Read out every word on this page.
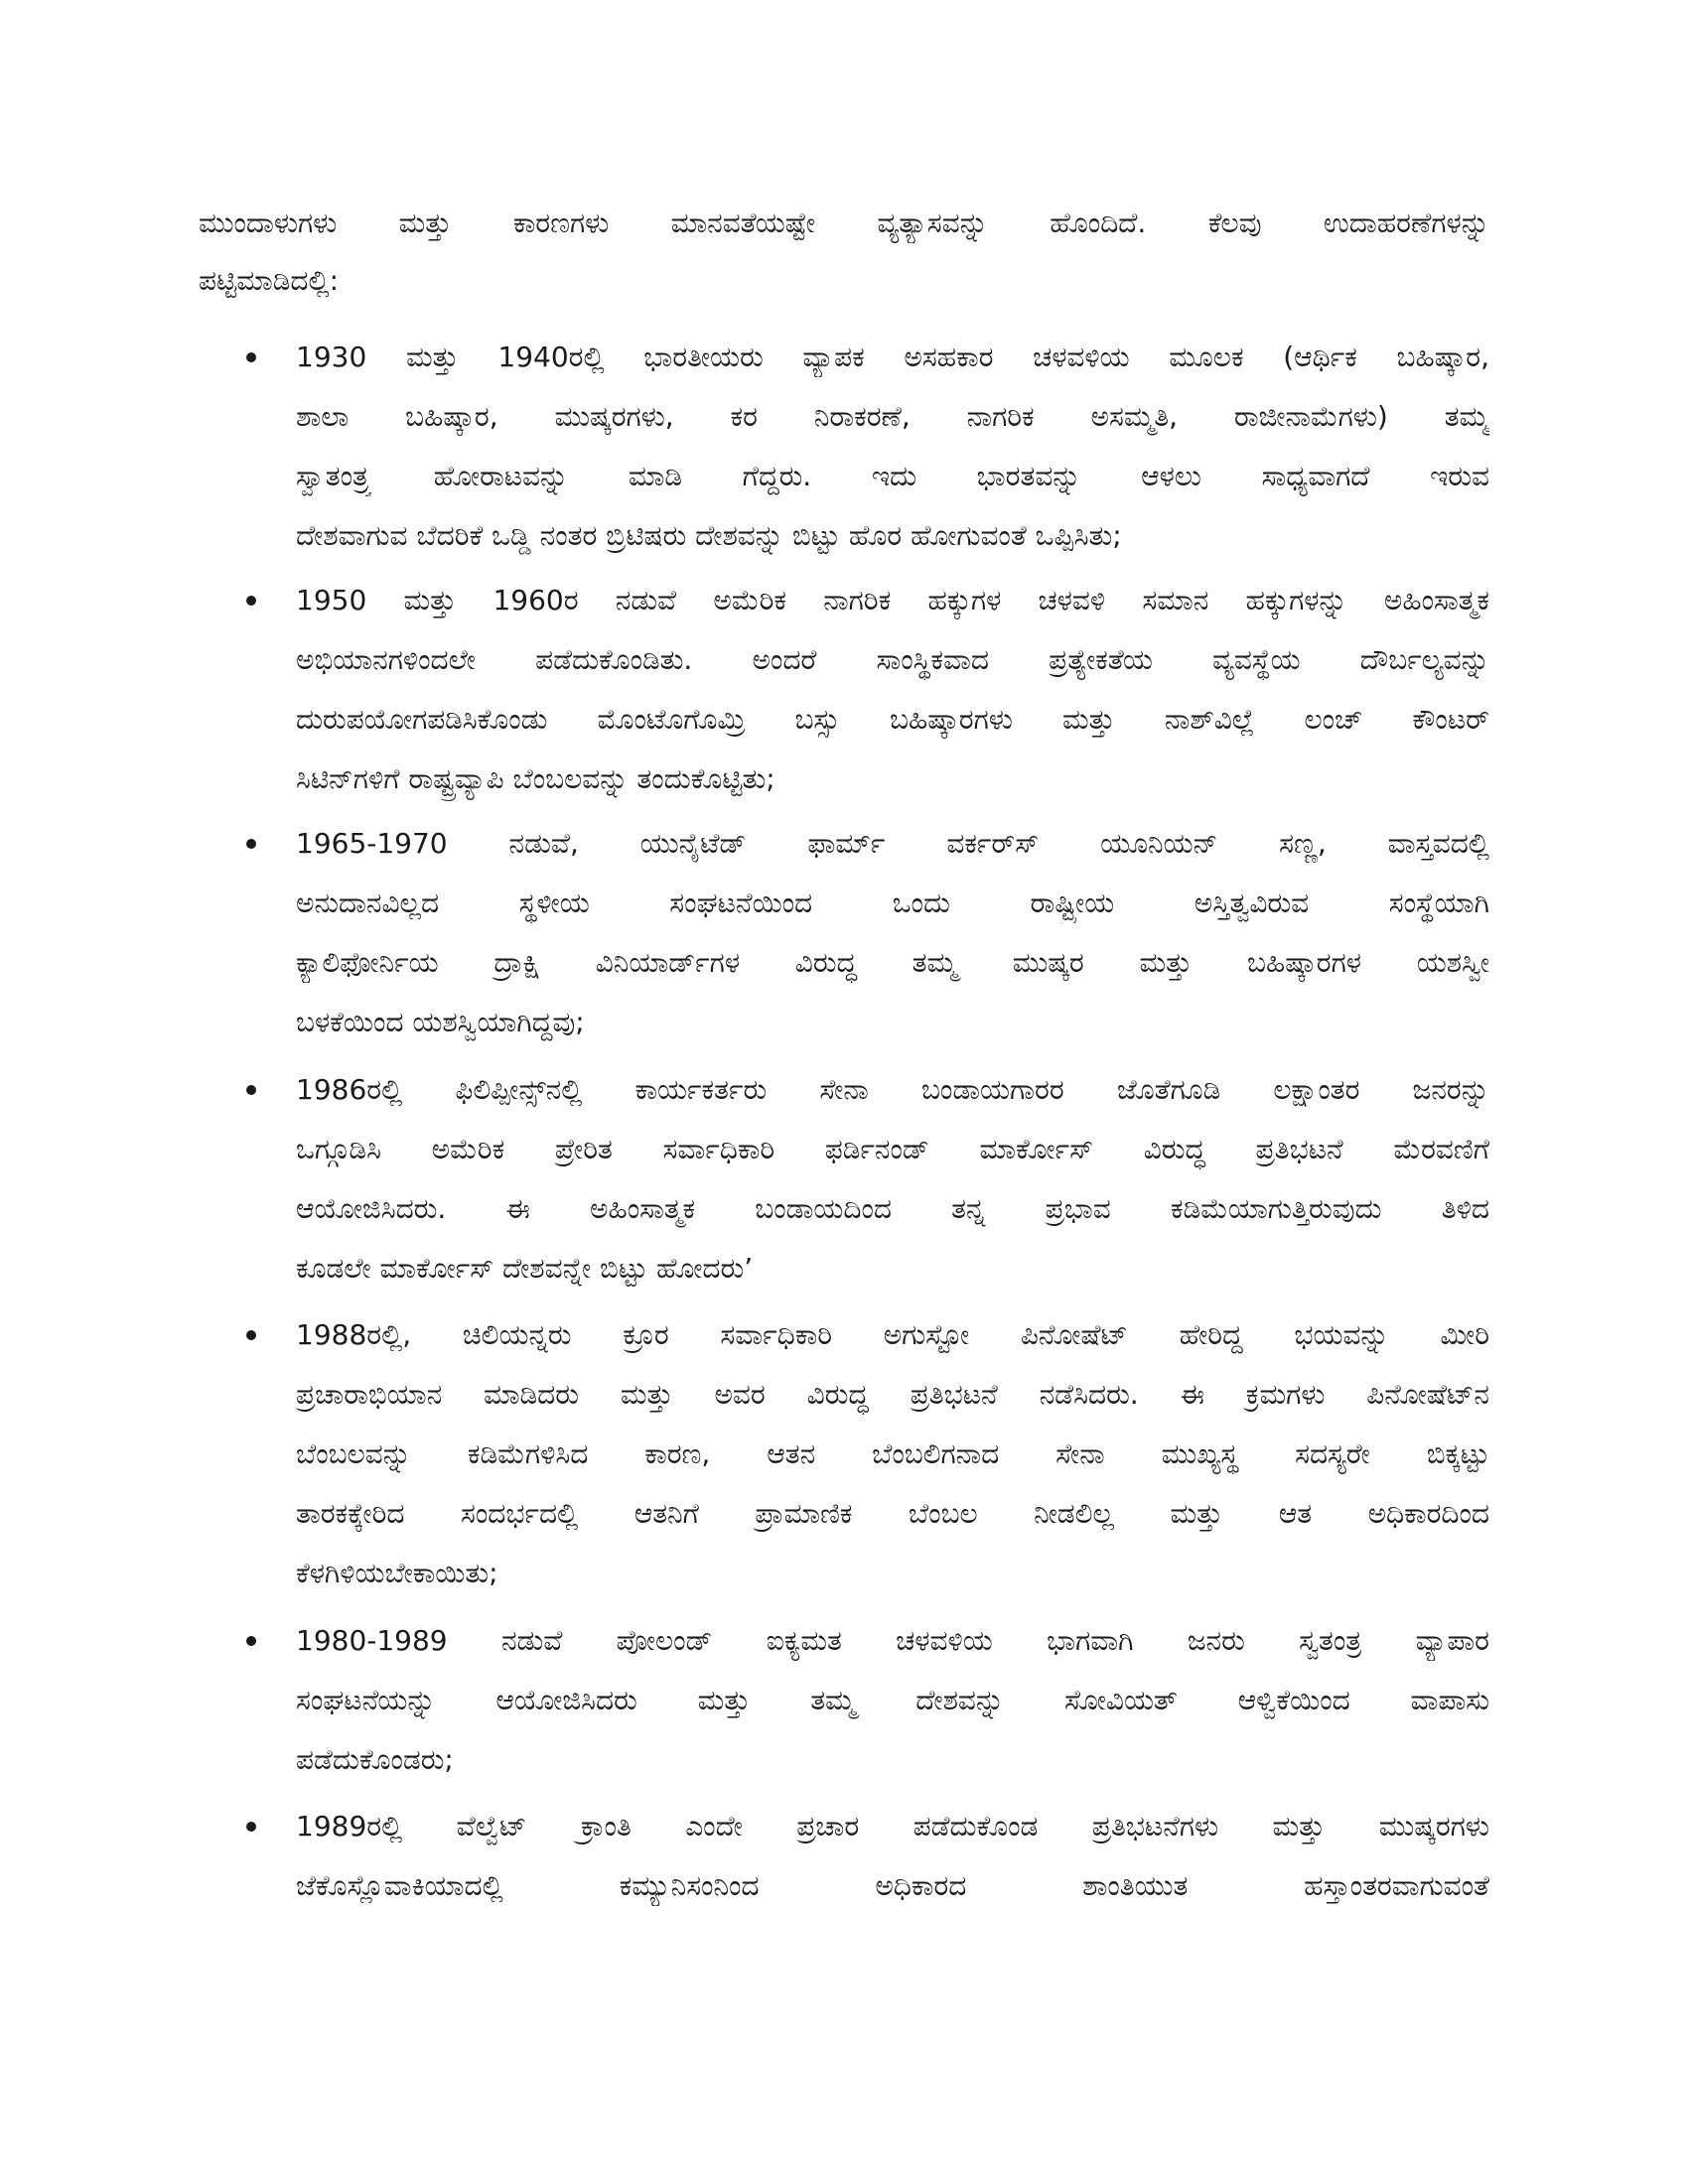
ಮುಂದಾಳುಗಳು ಮತ್ತು ಕಾರಣಗಳು ಮಾನವತೆಯಷ್ಟೇ ವ್ಯತ್ಯಾಸವನ್ನು ಹೊಂದಿದೆ. ಕೆಲವು ಉದಾಹರಣೆಗಳನ್ನು
ಪಟ್ಟಿಮಾಡಿದಲ್ಲಿ:
1930 ಮತ್ತು 1940ರಲ್ಲಿ ಭಾರತೀಯರು ವ್ಯಾಪಕ ಅಸಹಕಾರ ಚಳವಳಿಯ ಮೂಲಕ (ಆರ್ಥಿಕ ಬಹಿಷ್ಕಾರ,
ಶಾಲಾ ಬಹಿಷ್ಕಾರ, ಮುಷ್ಕರಗಳು, ಕರ ನಿರಾಕರಣೆ, ನಾಗರಿಕ ಅಸಮ್ಮತಿ, ರಾಜೀನಾಮೆಗಳು) ತಮ್ಮ
ಸ್ವಾತಂತ್ರ್ಯ ಹೋರಾಟವನ್ನು ಮಾಡಿ ಗೆದ್ದರು. ಇದು ಭಾರತವನ್ನು ಆಳಲು ಸಾಧ್ಯವಾಗದೆ ಇರುವ
ದೇಶವಾಗುವ ಬೆದರಿಕೆ ಒಡ್ಡಿ ನಂತರ ಬ್ರಿಟಿಷರು ದೇಶವನ್ನು ಬಿಟ್ಟು ಹೊರ ಹೋಗುವಂತೆ ಒಪ್ಪಿಸಿತು;
1950 ಮತ್ತು 1960ರ ನಡುವೆ ಅಮೆರಿಕ ನಾಗರಿಕ ಹಕ್ಕುಗಳ ಚಳವಳಿ ಸಮಾನ ಹಕ್ಕುಗಳನ್ನು ಅಹಿಂಸಾತ್ಮಕ
ಅಭಿಯಾನಗಳಿಂದಲೇ ಪಡೆದುಕೊಂಡಿತು. ಅಂದರೆ ಸಾಂಸ್ಥಿಕವಾದ ಪ್ರತ್ಯೇಕತೆಯ ವ್ಯವಸ್ಥೆಯ ದೌರ್ಬಲ್ಯವನ್ನು
ದುರುಪಯೋಗಪಡಿಸಿಕೊಂಡು ಮೊಂಟೊಗೊಮ್ರಿ ಬಸ್ಸು ಬಹಿಷ್ಕಾರಗಳು ಮತ್ತು ನಾಶ್‌ವಿಲ್ಲೆ ಲಂಚ್ ಕೌಂಟರ್
ಸಿಟಿನ್‌ಗಳಿಗೆ ರಾಷ್ಟ್ರವ್ಯಾಪಿ ಬೆಂಬಲವನ್ನು ತಂದುಕೊಟ್ಟಿತು;
1965-1970 ನಡುವೆ, ಯುನೈಟೆಡ್ ಫಾರ್ಮ್ ವರ್ಕರ್‌ಸ್ ಯೂನಿಯನ್ ಸಣ್ಣ, ವಾಸ್ತವದಲ್ಲಿ
ಅನುದಾನವಿಲ್ಲದ ಸ್ಥಳೀಯ ಸಂಘಟನೆಯಿಂದ ಒಂದು ರಾಷ್ಟ್ರೀಯ ಅಸ್ತಿತ್ವವಿರುವ ಸಂಸ್ಥೆಯಾಗಿ
ಕ್ಯಾಲಿಫೋರ್ನಿಯ ದ್ರಾಕ್ಷಿ ವಿನಿಯಾರ್ಡ್‌ಗಳ ವಿರುದ್ಧ ತಮ್ಮ ಮುಷ್ಕರ ಮತ್ತು ಬಹಿಷ್ಕಾರಗಳ ಯಶಸ್ವೀ
ಬಳಕೆಯಿಂದ ಯಶಸ್ವಿಯಾಗಿದ್ದವು;
1986ರಲ್ಲಿ ಫಿಲಿಪ್ಪೀನ್ಸ್‌ನಲ್ಲಿ ಕಾರ್ಯಕರ್ತರು ಸೇನಾ ಬಂಡಾಯಗಾರರ ಜೊತೆಗೂಡಿ ಲಕ್ಷಾಂತರ ಜನರನ್ನು
ಒಗ್ಗೂಡಿಸಿ ಅಮೆರಿಕ ಪ್ರೇರಿತ ಸರ್ವಾಧಿಕಾರಿ ಫರ್ಡಿನಂಡ್ ಮಾರ್ಕೋಸ್ ವಿರುದ್ಧ ಪ್ರತಿಭಟನೆ ಮೆರವಣಿಗೆ
ಆಯೋಜಿಸಿದರು. ಈ ಅಹಿಂಸಾತ್ಮಕ ಬಂಡಾಯದಿಂದ ತನ್ನ ಪ್ರಭಾವ ಕಡಿಮೆಯಾಗುತ್ತಿರುವುದು ತಿಳಿದ
ಕೂಡಲೇ ಮಾರ್ಕೋಸ್ ದೇಶವನ್ನೇ ಬಿಟ್ಟು ಹೋದರು’
1988ರಲ್ಲಿ, ಚಿಲಿಯನ್ನರು ಕ್ರೂರ ಸರ್ವಾಧಿಕಾರಿ ಅಗುಸ್ಟೋ ಪಿನೋಷೆಟ್ ಹೇರಿದ್ದ ಭಯವನ್ನು ಮೀರಿ
ಪ್ರಚಾರಾಭಿಯಾನ ಮಾಡಿದರು ಮತ್ತು ಅವರ ವಿರುದ್ಧ ಪ್ರತಿಭಟನೆ ನಡೆಸಿದರು. ಈ ಕ್ರಮಗಳು ಪಿನೋಷೆಟ್‌ನ
ಬೆಂಬಲವನ್ನು ಕಡಿಮೆಗಳಿಸಿದ ಕಾರಣ, ಆತನ ಬೆಂಬಲಿಗನಾದ ಸೇನಾ ಮುಖ್ಯಸ್ಥ ಸದಸ್ಯರೇ ಬಿಕ್ಕಟ್ಟು
ತಾರಕಕ್ಕೇರಿದ ಸಂದರ್ಭದಲ್ಲಿ ಆತನಿಗೆ ಪ್ರಾಮಾಣಿಕ ಬೆಂಬಲ ನೀಡಲಿಲ್ಲ ಮತ್ತು ಆತ ಅಧಿಕಾರದಿಂದ
ಕೆಳಗಿಳಿಯಬೇಕಾಯಿತು;
1980-1989 ನಡುವೆ ಪೋಲಂಡ್ ಐಕ್ಯಮತ ಚಳವಳಿಯ ಭಾಗವಾಗಿ ಜನರು ಸ್ವತಂತ್ರ ವ್ಯಾಪಾರ
ಸಂಘಟನೆಯನ್ನು ಆಯೋಜಿಸಿದರು ಮತ್ತು ತಮ್ಮ ದೇಶವನ್ನು ಸೋವಿಯತ್ ಆಳ್ವಿಕೆಯಿಂದ ವಾಪಾಸು
ಪಡೆದುಕೊಂಡರು;
1989ರಲ್ಲಿ ವೆಲ್ವೆಟ್ ಕ್ರಾಂತಿ ಎಂದೇ ಪ್ರಚಾರ ಪಡೆದುಕೊಂಡ ಪ್ರತಿಭಟನೆಗಳು ಮತ್ತು ಮುಷ್ಕರಗಳು
ಜೆಕೊಸ್ಲೊವಾಕಿಯಾದಲ್ಲಿ ಕಮ್ಯುನಿಸಂನಿಂದ ಅಧಿಕಾರದ ಶಾಂತಿಯುತ ಹಸ್ತಾಂತರವಾಗುವಂತೆ
